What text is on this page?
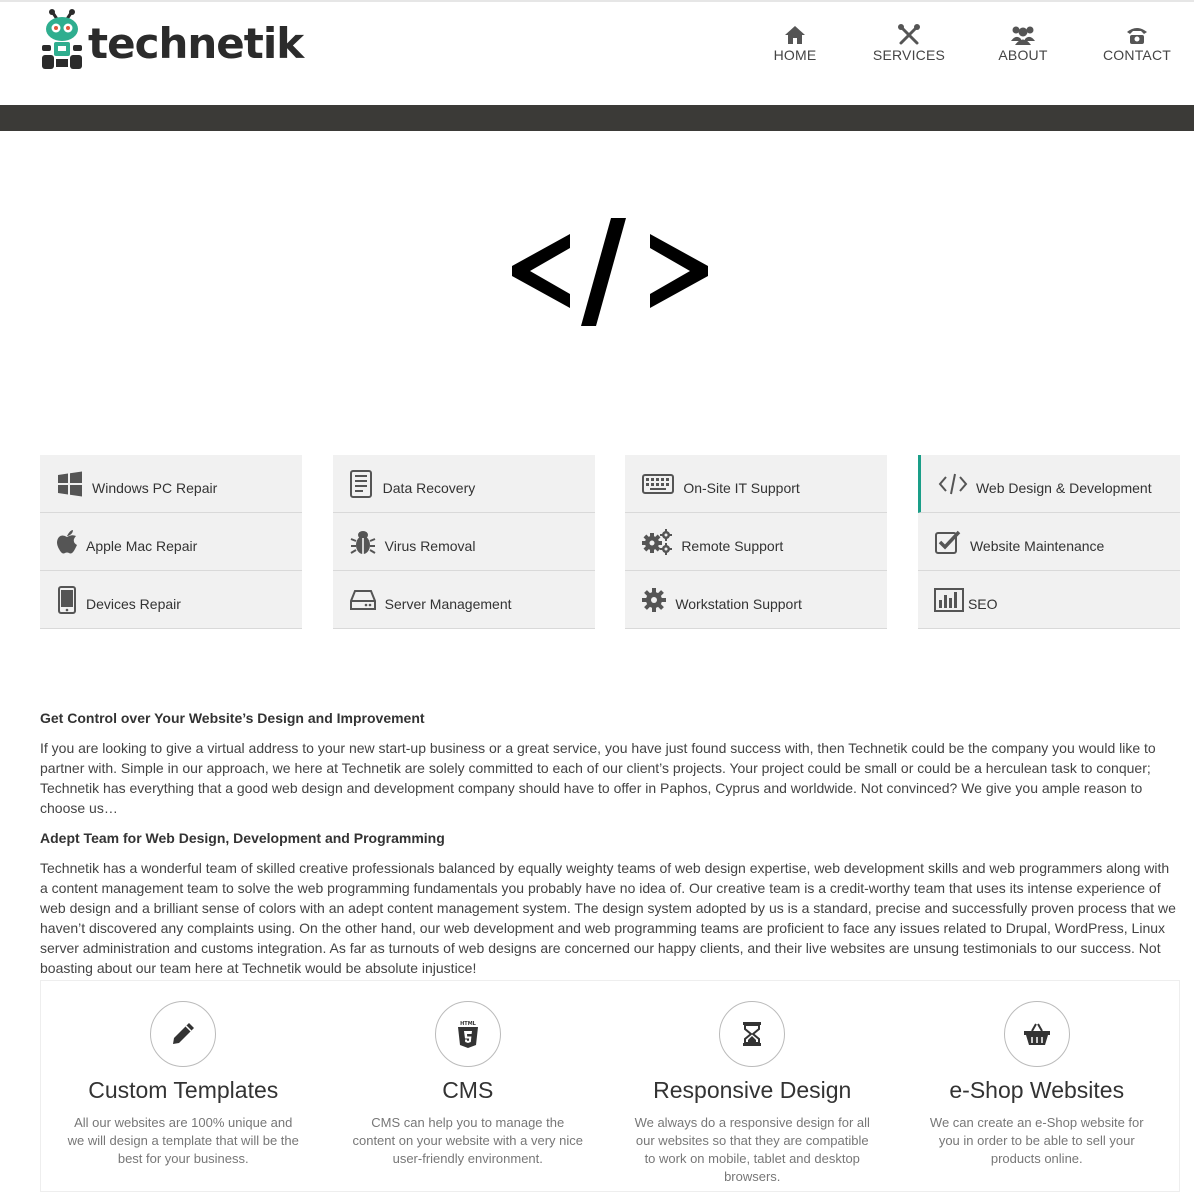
technetik	HOME	SERVICES	ABOUT	CONTACT
Windows PC Repair
Apple Mac Repair
Devices Repair
Data Recovery
Virus Removal
Server Management
On-Site IT Support
Remote Support
Workstation Support
Web Design & Development
Website Maintenance
SEO
Get Control over Your Website’s Design and Improvement

If you are looking to give a virtual address to your new start-up business or a great service, you have just found success with, then Technetik could be the company you would like to partner with. Simple in our approach, we here at Technetik are solely committed to each of our client’s projects. Your project could be small or could be a herculean task to conquer; Technetik has everything that a good web design and development company should have to offer in Paphos, Cyprus and worldwide. Not convinced? We give you ample reason to choose us…

Adept Team for Web Design, Development and Programming

Technetik has a wonderful team of skilled creative professionals balanced by equally weighty teams of web design expertise, web development skills and web programmers along with a content management team to solve the web programming fundamentals you probably have no idea of. Our creative team is a credit-worthy team that uses its intense experience of web design and a brilliant sense of colors with an adept content management system. The design system adopted by us is a standard, precise and successfully proven process that we haven’t discovered any complaints using. On the other hand, our web development and web programming teams are proficient to face any issues related to Drupal, WordPress, Linux server administration and customs integration. As far as turnouts of web designs are concerned our happy clients, and their live websites are unsung testimonials to our success. Not boasting about our team here at Technetik would be absolute injustice!

Custom Templates
All our websites are 100% unique and we will design a template that will be the best for your business.
HTML
CMS
CMS can help you to manage the content on your website with a very nice user-friendly environment.
Responsive Design
We always do a responsive design for all our websites so that they are compatible to work on mobile, tablet and desktop browsers.
e-Shop Websites
We can create an e-Shop website for you in order to be able to sell your products online.
